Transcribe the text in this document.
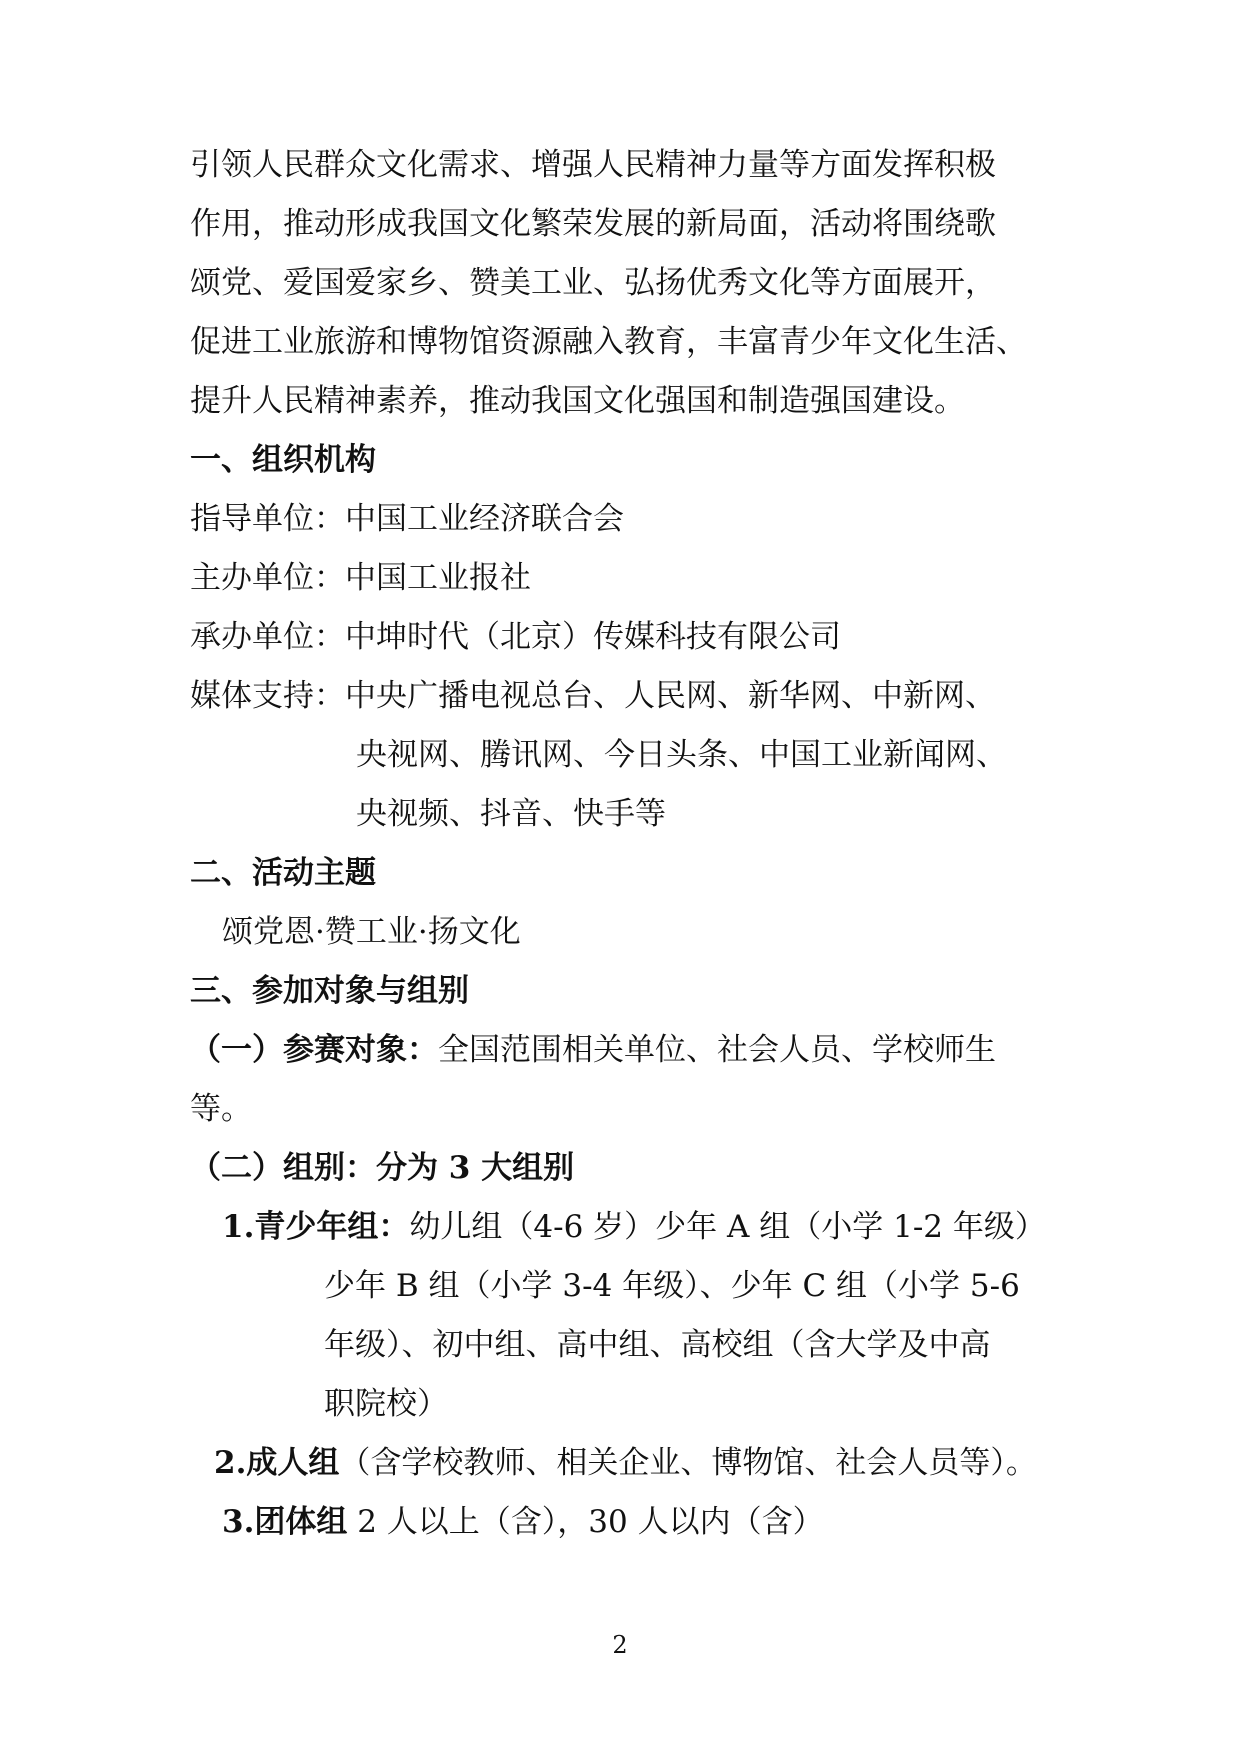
引领人民群众文化需求、增强人民精神力量等方面发挥积极
作用，推动形成我国文化繁荣发展的新局面，活动将围绕歌
颂党、爱国爱家乡、赞美工业、弘扬优秀文化等方面展开，
促进工业旅游和博物馆资源融入教育，丰富青少年文化生活、
提升人民精神素养，推动我国文化强国和制造强国建设。
一、组织机构
指导单位：中国工业经济联合会
主办单位：中国工业报社
承办单位：中坤时代（北京）传媒科技有限公司
媒体支持：中央广播电视总台、人民网、新华网、中新网、
央视网、腾讯网、今日头条、中国工业新闻网、
央视频、抖音、快手等
二、活动主题
颂党恩·赞工业·扬文化
三、参加对象与组别
（一）参赛对象：全国范围相关单位、社会人员、学校师生
等。
（二）组别：分为 3 大组别
1.青少年组：幼儿组（4-6 岁）少年 A 组（小学 1-2 年级）
少年 B 组（小学 3-4 年级）、少年 C 组（小学 5-6
年级）、初中组、高中组、高校组（含大学及中高
职院校）
2.成人组（含学校教师、相关企业、博物馆、社会人员等）。
3.团体组 2 人以上（含），30 人以内（含）
2
